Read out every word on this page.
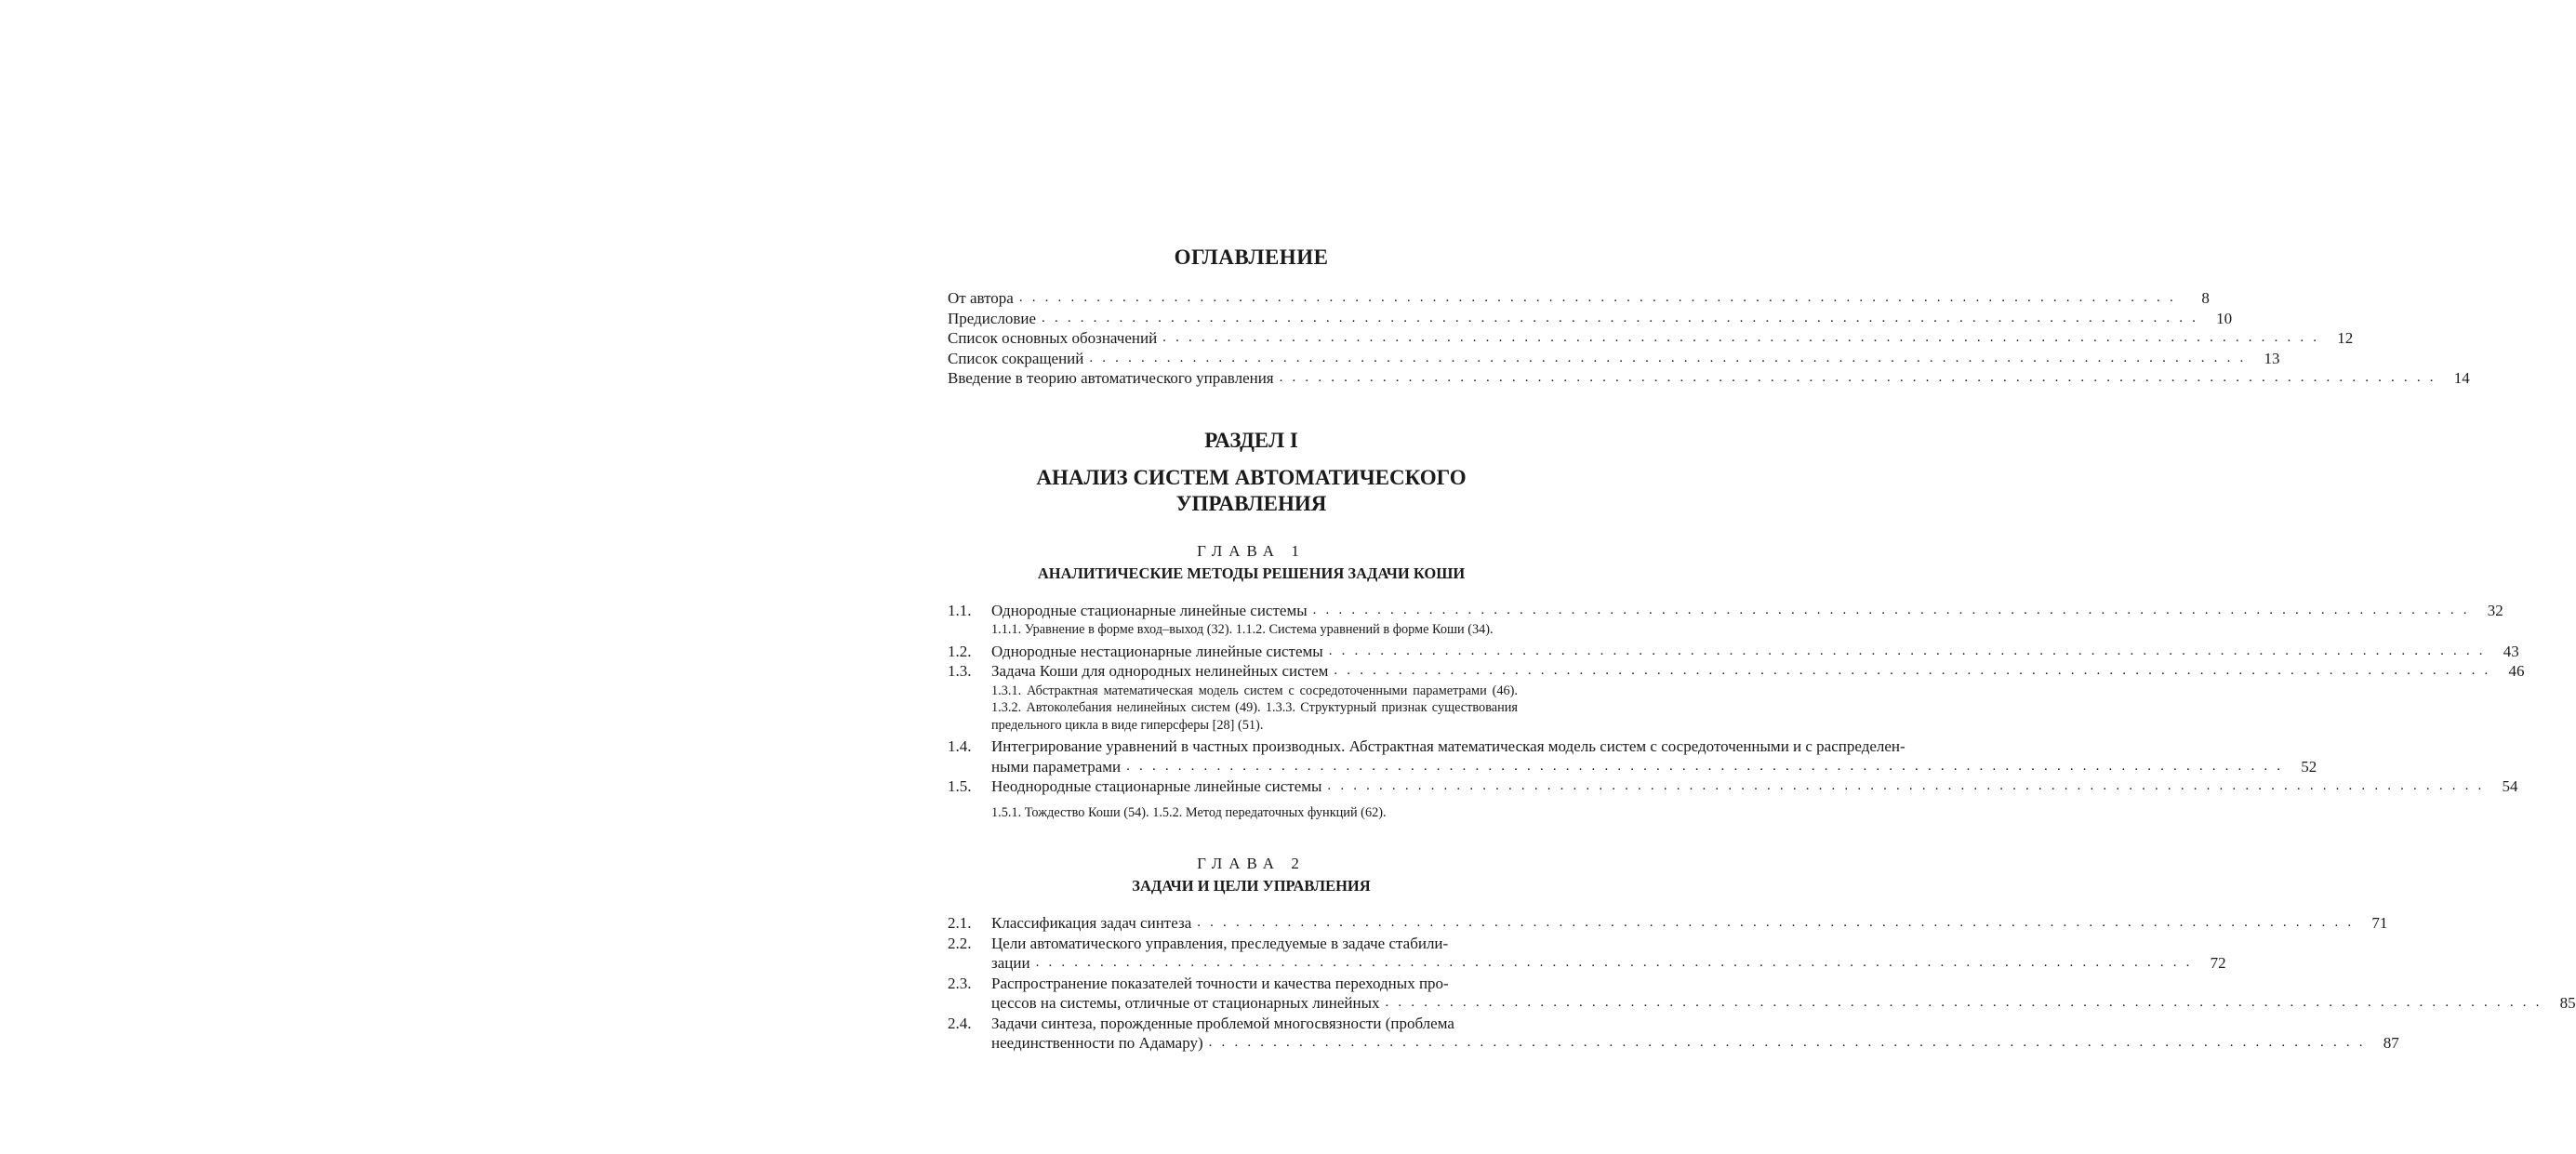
ОГЛАВЛЕНИЕ
От автора . . .	8
Предисловие . . .	10
Список основных обозначений . . .	12
Список сокращений . . .	13
Введение в теорию автоматического управления . . .	14
РАЗДЕЛ I
АНАЛИЗ СИСТЕМ АВТОМАТИЧЕСКОГО УПРАВЛЕНИЯ
ГЛАВА 1
АНАЛИТИЧЕСКИЕ МЕТОДЫ РЕШЕНИЯ ЗАДАЧИ КОШИ
1.1.	Однородные стационарные линейные системы . . .	32
1.1.1. Уравнение в форме вход–выход (32). 1.1.2. Система уравнений в форме Коши (34).
1.2.	Однородные нестационарные линейные системы . . .	43
1.3.	Задача Коши для однородных нелинейных систем . . .	46
1.3.1. Абстрактная математическая модель систем с сосредоточенными параметрами (46). 1.3.2. Автоколебания нелинейных систем (49). 1.3.3. Структурный признак существования предельного цикла в виде гиперсферы [28] (51).
1.4.	Интегрирование уравнений в частных производных. Абстрактная математическая модель систем с сосредоточенными и с распределен-
ными параметрами . . .	52
1.5.	Неоднородные стационарные линейные системы . . .	54
1.5.1. Тождество Коши (54). 1.5.2. Метод передаточных функций (62).
ГЛАВА 2
ЗАДАЧИ И ЦЕЛИ УПРАВЛЕНИЯ
2.1.	Классификация задач синтеза . . .	71
2.2.	Цели автоматического управления, преследуемые в задаче стабили-
зации . . .	72
2.3.	Распространение показателей точности и качества переходных про-
цессов на системы, отличные от стационарных линейных . . .	85
2.4.	Задачи синтеза, порожденные проблемой многосвязности (проблема
неединственности по Адамару) . . .	87
